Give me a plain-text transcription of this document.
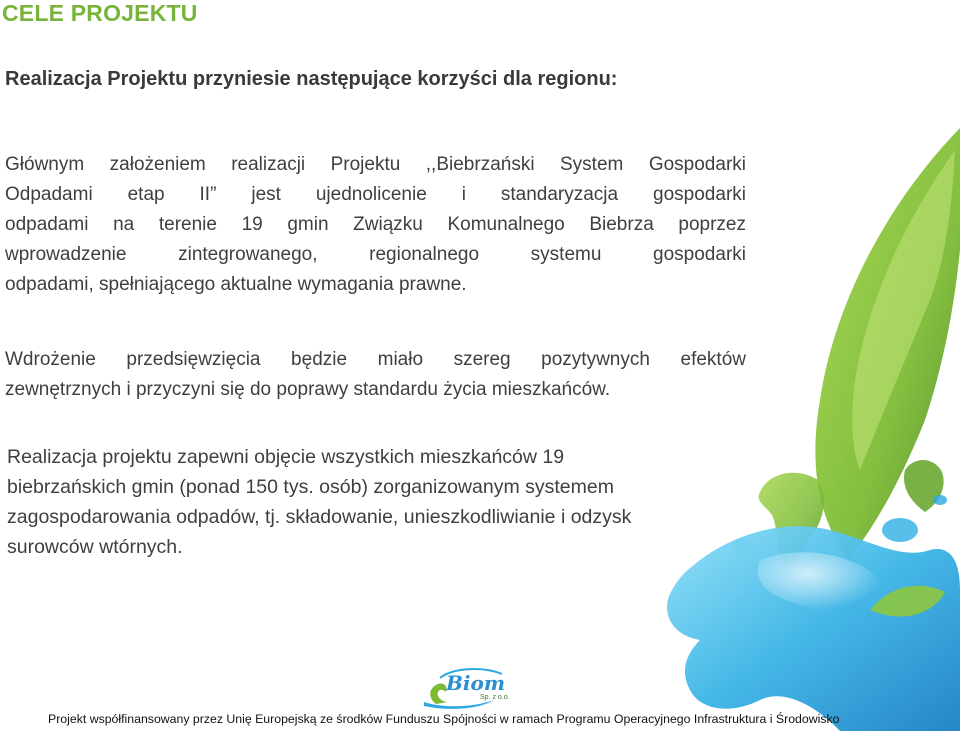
CELE PROJEKTU
Realizacja Projektu przyniesie następujące korzyści dla regionu:
Głównym założeniem realizacji Projektu ,,Biebrzański System Gospodarki
Odpadami etap II” jest ujednolicenie i standaryzacja gospodarki
odpadami na terenie 19 gmin Związku Komunalnego Biebrza poprzez
wprowadzenie zintegrowanego, regionalnego systemu gospodarki
odpadami, spełniającego aktualne wymagania prawne.
Wdrożenie przedsięwzięcia będzie miało szereg pozytywnych efektów
zewnętrznych i przyczyni się do poprawy standardu życia mieszkańców.
Realizacja projektu zapewni objęcie wszystkich mieszkańców 19
biebrzańskich gmin (ponad 150 tys. osób) zorganizowanym systemem
zagospodarowania odpadów, tj. składowanie, unieszkodliwianie i odzysk
surowców wtórnych.
Biom
Sp. z o.o.
Projekt współfinansowany przez Unię Europejską ze środków Funduszu Spójności w ramach Programu Operacyjnego Infrastruktura i Środowisko
